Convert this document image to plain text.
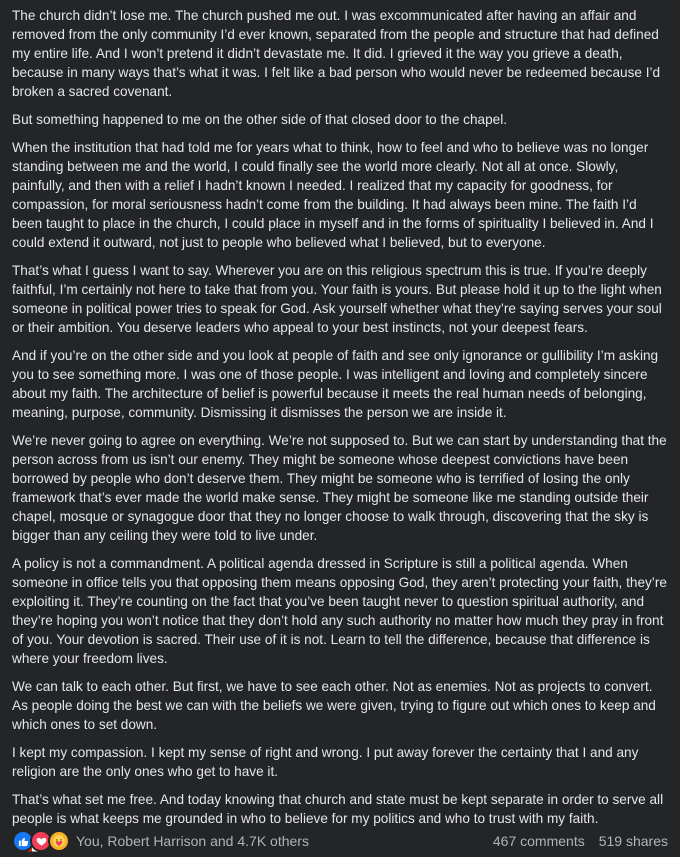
The church didn’t lose me. The church pushed me out. I was excommunicated after having an affair and removed from the only community I’d ever known, separated from the people and structure that had defined my entire life. And I won’t pretend it didn’t devastate me. It did. I grieved it the way you grieve a death, because in many ways that’s what it was. I felt like a bad person who would never be redeemed because I’d broken a sacred covenant.

But something happened to me on the other side of that closed door to the chapel.

When the institution that had told me for years what to think, how to feel and who to believe was no longer standing between me and the world, I could finally see the world more clearly. Not all at once. Slowly, painfully, and then with a relief I hadn’t known I needed. I realized that my capacity for goodness, for compassion, for moral seriousness hadn’t come from the building. It had always been mine. The faith I’d been taught to place in the church, I could place in myself and in the forms of spirituality I believed in. And I could extend it outward, not just to people who believed what I believed, but to everyone.

That’s what I guess I want to say. Wherever you are on this religious spectrum this is true. If you’re deeply faithful, I’m certainly not here to take that from you. Your faith is yours. But please hold it up to the light when someone in political power tries to speak for God. Ask yourself whether what they’re saying serves your soul or their ambition. You deserve leaders who appeal to your best instincts, not your deepest fears.

And if you’re on the other side and you look at people of faith and see only ignorance or gullibility I’m asking you to see something more. I was one of those people. I was intelligent and loving and completely sincere about my faith. The architecture of belief is powerful because it meets the real human needs of belonging, meaning, purpose, community. Dismissing it dismisses the person we are inside it.

We’re never going to agree on everything. We’re not supposed to. But we can start by understanding that the person across from us isn’t our enemy. They might be someone whose deepest convictions have been borrowed by people who don’t deserve them. They might be someone who is terrified of losing the only framework that’s ever made the world make sense. They might be someone like me standing outside their chapel, mosque or synagogue door that they no longer choose to walk through, discovering that the sky is bigger than any ceiling they were told to live under.

A policy is not a commandment. A political agenda dressed in Scripture is still a political agenda. When someone in office tells you that opposing them means opposing God, they aren’t protecting your faith, they’re exploiting it. They’re counting on the fact that you’ve been taught never to question spiritual authority, and they’re hoping you won’t notice that they don’t hold any such authority no matter how much they pray in front of you. Your devotion is sacred. Their use of it is not. Learn to tell the difference, because that difference is where your freedom lives.

We can talk to each other. But first, we have to see each other. Not as enemies. Not as projects to convert. As people doing the best we can with the beliefs we were given, trying to figure out which ones to keep and which ones to set down.

I kept my compassion. I kept my sense of right and wrong. I put away forever the certainty that I and any religion are the only ones who get to have it.

That’s what set me free. And today knowing that church and state must be kept separate in order to serve all people is what keeps me grounded in who to believe for my politics and who to trust with my faith.

You, Robert Harrison and 4.7K others	467 comments 519 shares
